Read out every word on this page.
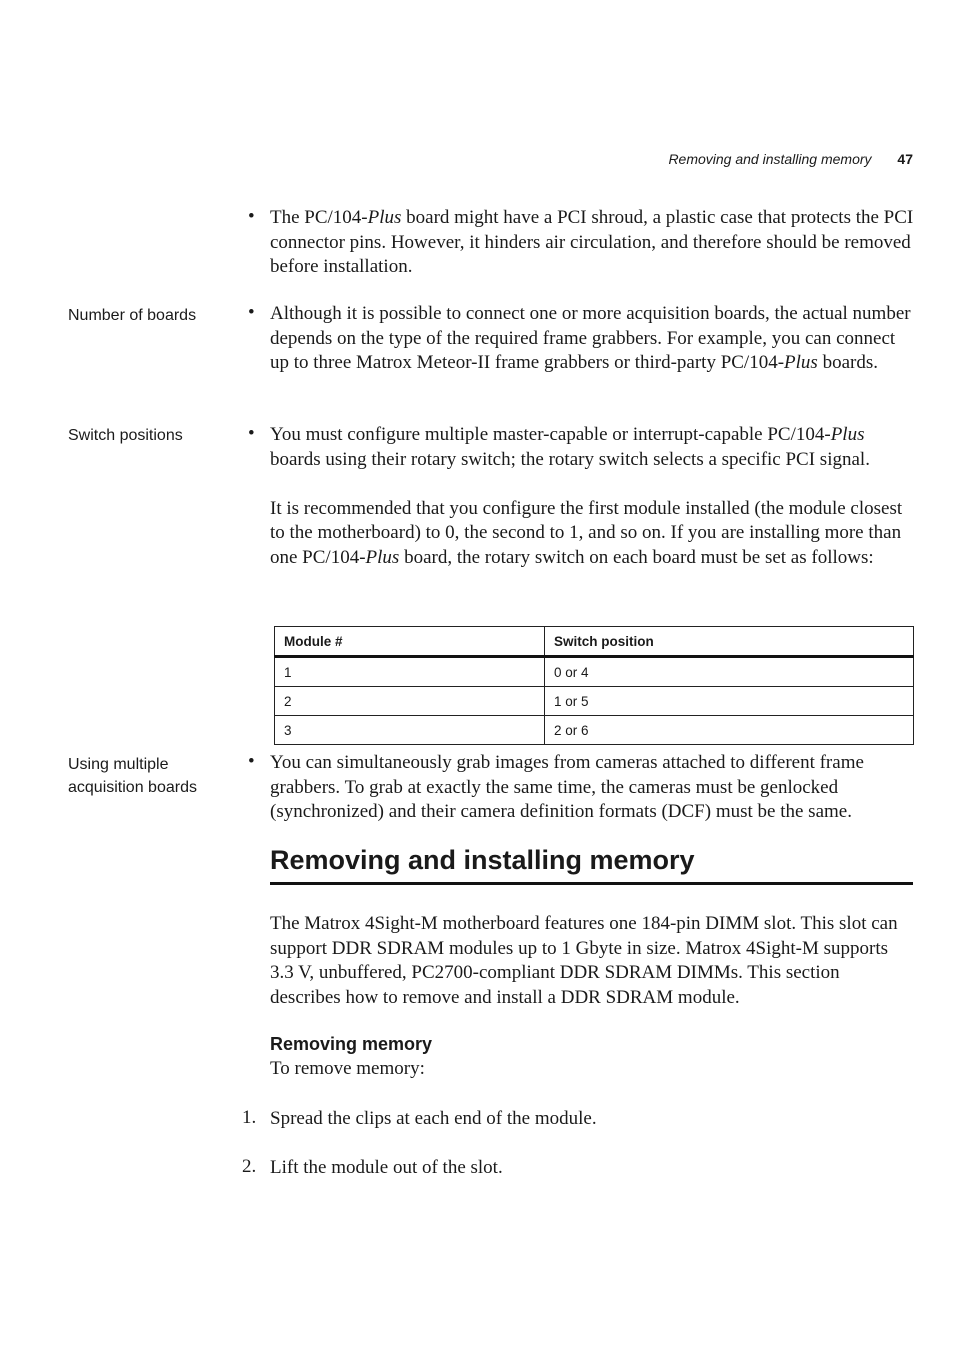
Removing and installing memory 47
• The PC/104-Plus board might have a PCI shroud, a plastic case that protects the PCI connector pins. However, it hinders air circulation, and therefore should be removed before installation.

Number of boards	• Although it is possible to connect one or more acquisition boards, the actual number depends on the type of the required frame grabbers. For example, you can connect up to three Matrox Meteor-II frame grabbers or third-party PC/104-Plus boards.

Switch positions	• You must configure multiple master-capable or interrupt-capable PC/104-Plus boards using their rotary switch; the rotary switch selects a specific PCI signal.

It is recommended that you configure the first module installed (the module closest to the motherboard) to 0, the second to 1, and so on. If you are installing more than one PC/104-Plus board, the rotary switch on each board must be set as follows:

Module #	Switch position
1	0 or 4
2	1 or 5
3	2 or 6
Using multiple acquisition boards
• You can simultaneously grab images from cameras attached to different frame grabbers. To grab at exactly the same time, the cameras must be genlocked (synchronized) and their camera definition formats (DCF) must be the same.

Removing and installing memory

The Matrox 4Sight-M motherboard features one 184-pin DIMM slot. This slot can support DDR SDRAM modules up to 1 Gbyte in size. Matrox 4Sight-M supports 3.3 V, unbuffered, PC2700-compliant DDR SDRAM DIMMs. This section describes how to remove and install a DDR SDRAM module.

Removing memory

To remove memory:

1. Spread the clips at each end of the module.

2. Lift the module out of the slot.
